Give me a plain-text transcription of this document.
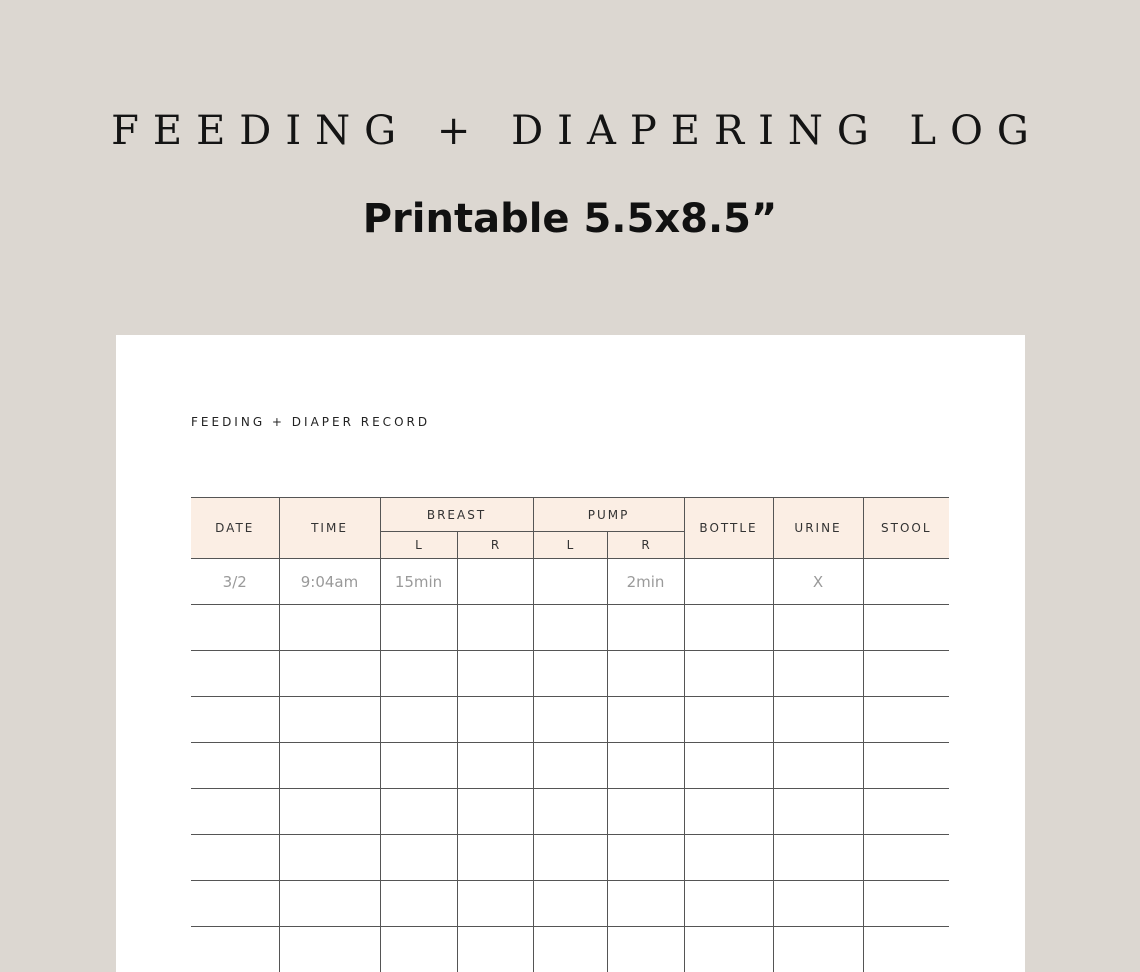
FEEDING + DIAPERING LOG
Printable 5.5x8.5”
FEEDING + DIAPER RECORD
DATE	TIME	BREAST		PUMP		BOTTLE	URINE	STOOL
		L	R	L	R			
3/2	9:04am	15min			2min		X	
